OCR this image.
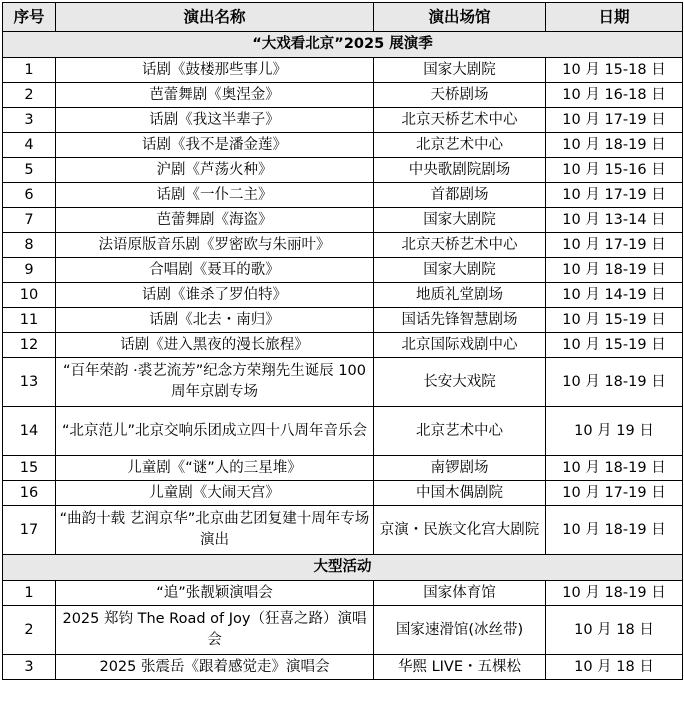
序号	演出名称	演出场馆	日期
“大戏看北京”2025 展演季			
1	话剧《鼓楼那些事儿》	国家大剧院	10 月 15-18 日
2	芭蕾舞剧《奥涅金》	天桥剧场	10 月 16-18 日
3	话剧《我这半辈子》	北京天桥艺术中心	10 月 17-19 日
4	话剧《我不是潘金莲》	北京艺术中心	10 月 18-19 日
5	沪剧《芦荡火种》	中央歌剧院剧场	10 月 15-16 日
6	话剧《一仆二主》	首都剧场	10 月 17-19 日
7	芭蕾舞剧《海盗》	国家大剧院	10 月 13-14 日
8	法语原版音乐剧《罗密欧与朱丽叶》	北京天桥艺术中心	10 月 17-19 日
9	合唱剧《聂耳的歌》	国家大剧院	10 月 18-19 日
10	话剧《谁杀了罗伯特》	地质礼堂剧场	10 月 14-19 日
11	话剧《北去・南归》	国话先锋智慧剧场	10 月 15-19 日
12	话剧《进入黑夜的漫长旅程》	北京国际戏剧中心	10 月 15-19 日
13	“百年荣韵 ·裘艺流芳”纪念方荣翔先生诞辰 100 周年京剧专场	长安大戏院	10 月 18-19 日
14	“北京范儿”北京交响乐团成立四十八周年音乐会	北京艺术中心	10 月 19 日
15	儿童剧《“谜”人的三星堆》	南锣剧场	10 月 18-19 日
16	儿童剧《大闹天宫》	中国木偶剧院	10 月 17-19 日
17	“曲韵十载 艺润京华”北京曲艺团复建十周年专场演出	京演・民族文化宫大剧院	10 月 18-19 日
大型活动			
1	“追”张靓颖演唱会	国家体育馆	10 月 18-19 日
2	2025 郑钧 The Road of Joy（狂喜之路）演唱会	国家速滑馆(冰丝带)	10 月 18 日
3	2025 张震岳《跟着感觉走》演唱会	华熙 LIVE・五棵松	10 月 18 日
